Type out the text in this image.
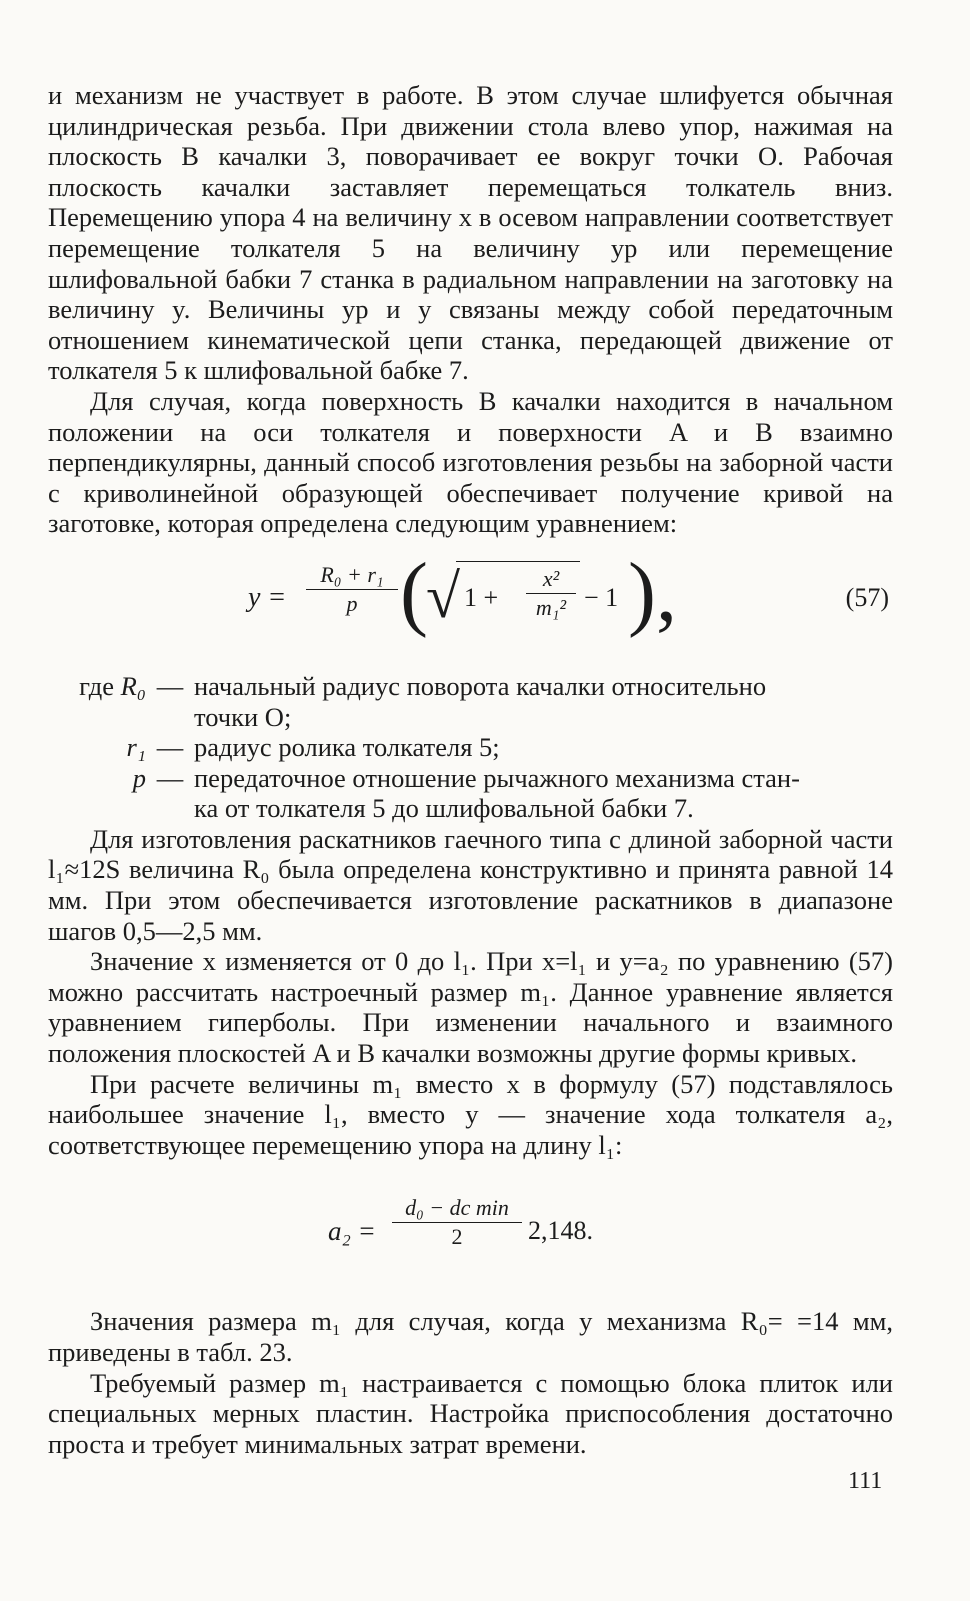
и механизм не участвует в работе. В этом случае шлифуется обычная цилиндрическая резьба. При движении стола влево упор, нажимая на плоскость B качалки 3, поворачивает ее вокруг точки O. Рабочая плоскость качалки заставляет перемещаться толкатель вниз. Перемещению упора 4 на величину x в осевом направлении соответствует перемещение толкателя 5 на величину yр или перемещение шлифовальной бабки 7 станка в радиальном направлении на заготовку на величину y. Величины yр и y связаны между собой передаточным отношением кинематической цепи станка, передающей движение от толкателя 5 к шлифовальной бабке 7.

Для случая, когда поверхность B качалки находится в начальном положении на оси толкателя и поверхности A и B взаимно перпендикулярны, данный способ изготовления резьбы на заборной части с криволинейной образующей обеспечивает получение кривой на заготовке, которая определена следующим уравнением:

y =
R₀ + r₁
p (
√ 1 +
x²
m₁² − 1 ),	(57)
где R₀ — начальный радиус поворота качалки относительно
точки O;
r₁ — радиус ролика толкателя 5;
p — передаточное отношение рычажного механизма стан-
ка от толкателя 5 до шлифовальной бабки 7.

Для изготовления раскатников гаечного типа с длиной заборной части l₁≈12S величина R₀ была определена конструктивно и принята равной 14 мм. При этом обеспечивается изготовление раскатников в диапазоне шагов 0,5—2,5 мм.

Значение x изменяется от 0 до l₁. При x=l₁ и y=a₂ по уравнению (57) можно рассчитать настроечный размер m₁. Данное уравнение является уравнением гиперболы. При изменении начального и взаимного положения плоскостей A и B качалки возможны другие формы кривых.

При расчете величины m₁ вместо x в формулу (57) подставлялось наибольшее значение l₁, вместо y — значение хода толкателя a₂, соответствующее перемещению упора на длину l₁:

a₂ =
d₀ − dc min
2	2,148.

Значения размера m₁ для случая, когда у механизма R₀= =14 мм, приведены в табл. 23.

Требуемый размер m₁ настраивается с помощью блока плиток или специальных мерных пластин. Настройка приспособления достаточно проста и требует минимальных затрат времени.

111
